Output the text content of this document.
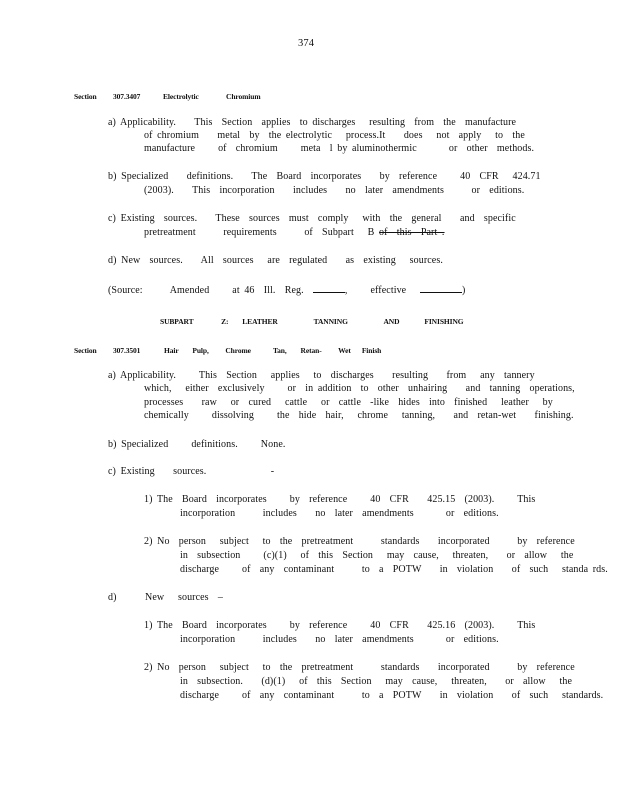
374
Section 307.3407	Electrolytic	Chromium
a) Applicability.    This  Section  applies  to discharges   resulting  from  the  manufacture
of chromium    metal  by  the electrolytic   process.It    does   not  apply   to  the
manufacture     of  chromium     meta  l by aluminothermic       or  other  methods.
b) Specialized    definitions.    The  Board  incorporates    by  reference     40  CFR   424.71
(2003).    This  incorporation    includes    no  later  amendments      or  editions.
c) Existing  sources.    These  sources  must  comply   with  the  general    and  specific
pretreatment      requirements      of  Subpart   B of  this  Part .
d) New  sources.    All  sources   are  regulated    as  existing   sources.
(Source:      Amended     at 46  Ill.  Reg.	,     effective	)
SUBPART          Z:     LEATHER             TANNING             AND         FINISHING
Section 307.3501	Hair     Pulp,      Chrome        Tan,     Retan-      Wet    Finish
a) Applicability.     This  Section   applies   to  discharges    resulting    from   any  tannery
which,   either  exclusively     or  in addition  to  other  unhairing    and  tanning  operations,
processes    raw   or  cured   cattle   or  cattle  -like  hides  into  finished   leather   by
chemically     dissolving     the  hide  hair,   chrome   tanning,    and  retan-wet    finishing.
b) Specialized     definitions.     None.
c) Existing    sources.              -
1) The  Board  incorporates     by  reference     40  CFR    425.15  (2003).     This
incorporation      includes    no  later  amendments       or  editions.
2) No  person   subject   to  the  pretreatment      standards    incorporated      by  reference
in  subsection     (c)(1)   of  this  Section   may  cause,   threaten,    or  allow   the
discharge     of  any  contaminant      to  a  POTW    in  violation    of  such   standa rds.
d)	New   sources  –
1) The  Board  incorporates     by  reference     40  CFR    425.16  (2003).     This
incorporation      includes    no  later  amendments       or  editions.
2) No  person   subject   to  the  pretreatment      standards    incorporated      by  reference
in  subsection.    (d)(1)   of  this  Section   may  cause,   threaten,    or  allow   the
discharge     of  any  contaminant      to  a  POTW    in  violation    of  such   standards.
